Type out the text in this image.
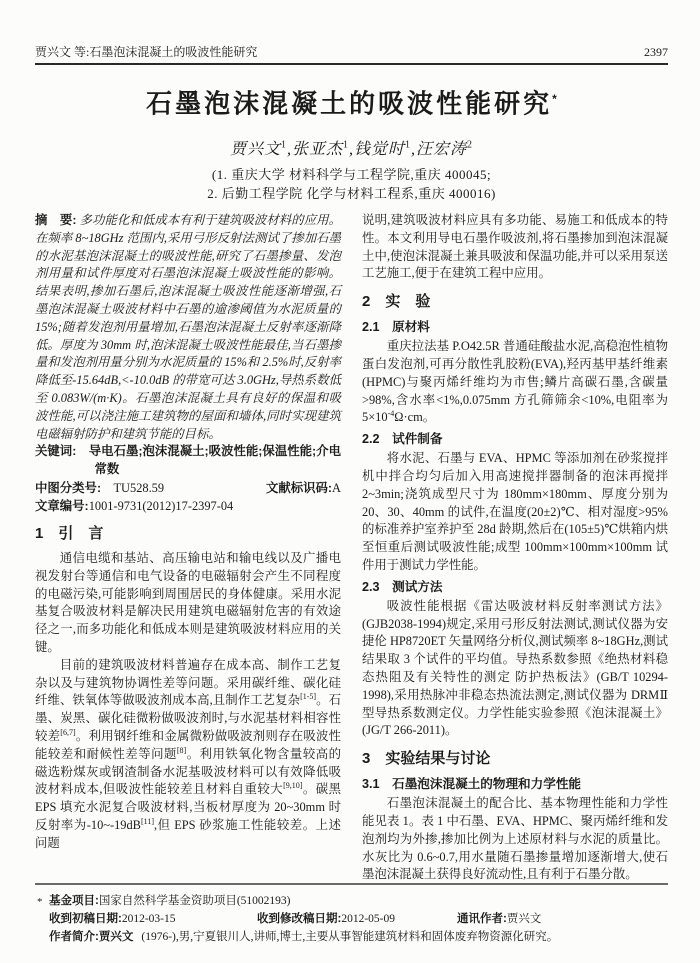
贾兴文 等:石墨泡沫混凝土的吸波性能研究	2397
石墨泡沫混凝土的吸波性能研究*
贾兴文$^1$,张亚杰$^1$,钱觉时$^1$,汪宏涛$^2$
(1. 重庆大学 材料科学与工程学院,重庆 400045;
2. 后勤工程学院 化学与材料工程系,重庆 400016)

摘　要: 多功能化和低成本有利于建筑吸波材料的应用。在频率 8~18GHz 范围内,采用弓形反射法测试了掺加石墨的水泥基泡沫混凝土的吸波性能,研究了石墨掺量、发泡剂用量和试件厚度对石墨泡沫混凝土吸波性能的影响。结果表明,掺加石墨后,泡沫混凝土吸波性能逐渐增强,石墨泡沫混凝土吸波材料中石墨的逾渗阈值为水泥质量的 15%;随着发泡剂用量增加,石墨泡沫混凝土反射率逐渐降低。厚度为 30mm 时,泡沫混凝土吸波性能最佳,当石墨掺量和发泡剂用量分别为水泥质量的 15%和 2.5%时,反射率降低至-15.64dB,<-10.0dB 的带宽可达 3.0GHz,导热系数低至 0.083W/(m·K)。石墨泡沫混凝土具有良好的保温和吸波性能,可以浇注施工建筑物的屋面和墙体,同时实现建筑电磁辐射防护和建筑节能的目标。

关键词:　 导电石墨;泡沫混凝土;吸波性能;保温性能;介电常数

中图分类号:　 TU528.59	文献标识码:A
文章编号:1001-9731(2012)17-2397-04
1　引　言

通信电缆和基站、高压输电站和输电线以及广播电视发射台等通信和电气设备的电磁辐射会产生不同程度的电磁污染,可能影响到周围居民的身体健康。采用水泥基复合吸波材料是解决民用建筑电磁辐射危害的有效途径之一,而多功能化和低成本则是建筑吸波材料应用的关键。

目前的建筑吸波材料普遍存在成本高、制作工艺复杂以及与建筑物协调性差等问题。采用碳纤维、碳化硅纤维、铁氧体等做吸波剂成本高,且制作工艺复杂[1-5]。石墨、炭黑、碳化硅微粉做吸波剂时,与水泥基材料相容性较差[6,7]。利用钢纤维和金属微粉做吸波剂则存在吸波性能较差和耐候性差等问题[8]。利用铁氧化物含量较高的磁选粉煤灰或钢渣制备水泥基吸波材料可以有效降低吸波材料成本,但吸波性能较差且材料自重较大[9,10]。碳黑 EPS 填充水泥复合吸波材料,当板材厚度为 20~30mm 时反射率为-10~-19dB[11],但 EPS 砂浆施工性能较差。上述问题

说明,建筑吸波材料应具有多功能、易施工和低成本的特性。本文利用导电石墨作吸波剂,将石墨掺加到泡沫混凝土中,使泡沫混凝土兼具吸波和保温功能,并可以采用泵送工艺施工,便于在建筑工程中应用。

2　实　验
2.1　原材料

重庆拉法基 P.O42.5R 普通硅酸盐水泥,高稳泡性植物蛋白发泡剂,可再分散性乳胶粉(EVA),羟丙基甲基纤维素(HPMC)与聚丙烯纤维均为市售;鳞片高碳石墨,含碳量>98%,含水率<1%,0.075mm 方孔筛筛余<10%,电阻率为 5×10$^{-4}$Ω·cm。

2.2　试件制备

将水泥、石墨与 EVA、HPMC 等添加剂在砂浆搅拌机中拌合均匀后加入用高速搅拌器制备的泡沫再搅拌 2~3min;浇筑成型尺寸为 180mm×180mm、厚度分别为 20、30、40mm 的试件,在温度(20±2)℃、相对湿度>95%的标准养护室养护至 28d 龄期,然后在(105±5)℃烘箱内烘至恒重后测试吸波性能;成型 100mm×100mm×100mm 试件用于测试力学性能。

2.3　测试方法

吸波性能根据《雷达吸波材料反射率测试方法》(GJB2038-1994)规定,采用弓形反射法测试,测试仪器为安捷伦 HP8720ET 矢量网络分析仪,测试频率 8~18GHz,测试结果取 3 个试件的平均值。导热系数参照《绝热材料稳态热阻及有关特性的测定 防护热板法》(GB/T 10294-1998),采用热脉冲非稳态热流法测定,测试仪器为 DRMⅡ型导热系数测定仪。力学性能实验参照《泡沫混凝土》(JG/T 266-2011)。

3　实验结果与讨论
3.1　石墨泡沫混凝土的物理和力学性能

石墨泡沫混凝土的配合比、基本物理性能和力学性能见表 1。表 1 中石墨、EVA、HPMC、聚丙烯纤维和发泡剂均为外掺,掺加比例为上述原材料与水泥的质量比。水灰比为 0.6~0.7,用水量随石墨掺量增加逐渐增大,使石墨泡沫混凝土获得良好流动性,且有利于石墨分散。

* 基金项目:国家自然科学基金资助项目(51002193)
收到初稿日期:2012-03-15	收到修改稿日期:2012-05-09	通讯作者:贾兴文
作者简介:贾兴文 (1976-),男,宁夏银川人,讲师,博士,主要从事智能建筑材料和固体废弃物资源化研究。
